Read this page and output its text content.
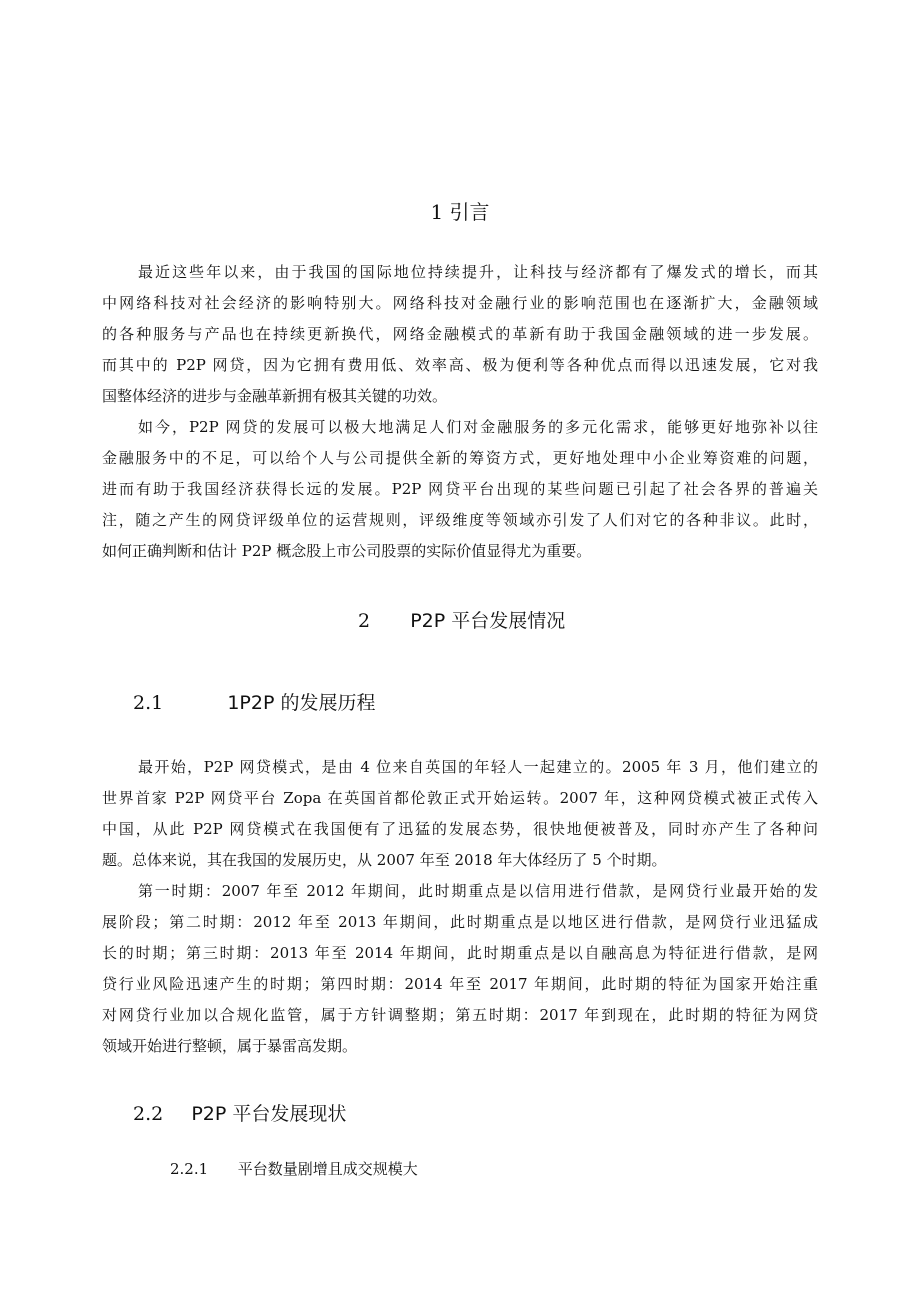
1 引言
最近这些年以来，由于我国的国际地位持续提升，让科技与经济都有了爆发式的增长，而其
中网络科技对社会经济的影响特别大。网络科技对金融行业的影响范围也在逐渐扩大，金融领域
的各种服务与产品也在持续更新换代，网络金融模式的革新有助于我国金融领域的进一步发展。
而其中的 P2P 网贷，因为它拥有费用低、效率高、极为便利等各种优点而得以迅速发展，它对我
国整体经济的进步与金融革新拥有极其关键的功效。
如今，P2P 网贷的发展可以极大地满足人们对金融服务的多元化需求，能够更好地弥补以往
金融服务中的不足，可以给个人与公司提供全新的筹资方式，更好地处理中小企业筹资难的问题，
进而有助于我国经济获得长远的发展。P2P 网贷平台出现的某些问题已引起了社会各界的普遍关
注，随之产生的网贷评级单位的运营规则，评级维度等领域亦引发了人们对它的各种非议。此时，
如何正确判断和估计 P2P 概念股上市公司股票的实际价值显得尤为重要。
2 P2P 平台发展情况
2.1	1P2P 的发展历程
最开始，P2P 网贷模式，是由 4 位来自英国的年轻人一起建立的。2005 年 3 月，他们建立的
世界首家 P2P 网贷平台 Zopa 在英国首都伦敦正式开始运转。2007 年，这种网贷模式被正式传入
中国，从此 P2P 网贷模式在我国便有了迅猛的发展态势，很快地便被普及，同时亦产生了各种问
题。总体来说，其在我国的发展历史，从 2007 年至 2018 年大体经历了 5 个时期。
第一时期：2007 年至 2012 年期间，此时期重点是以信用进行借款，是网贷行业最开始的发
展阶段；第二时期：2012 年至 2013 年期间，此时期重点是以地区进行借款，是网贷行业迅猛成
长的时期；第三时期：2013 年至 2014 年期间，此时期重点是以自融高息为特征进行借款，是网
贷行业风险迅速产生的时期；第四时期：2014 年至 2017 年期间，此时期的特征为国家开始注重
对网贷行业加以合规化监管，属于方针调整期；第五时期：2017 年到现在，此时期的特征为网贷
领域开始进行整顿，属于暴雷高发期。
2.2 P2P 平台发展现状
2.2.1 平台数量剧增且成交规模大
